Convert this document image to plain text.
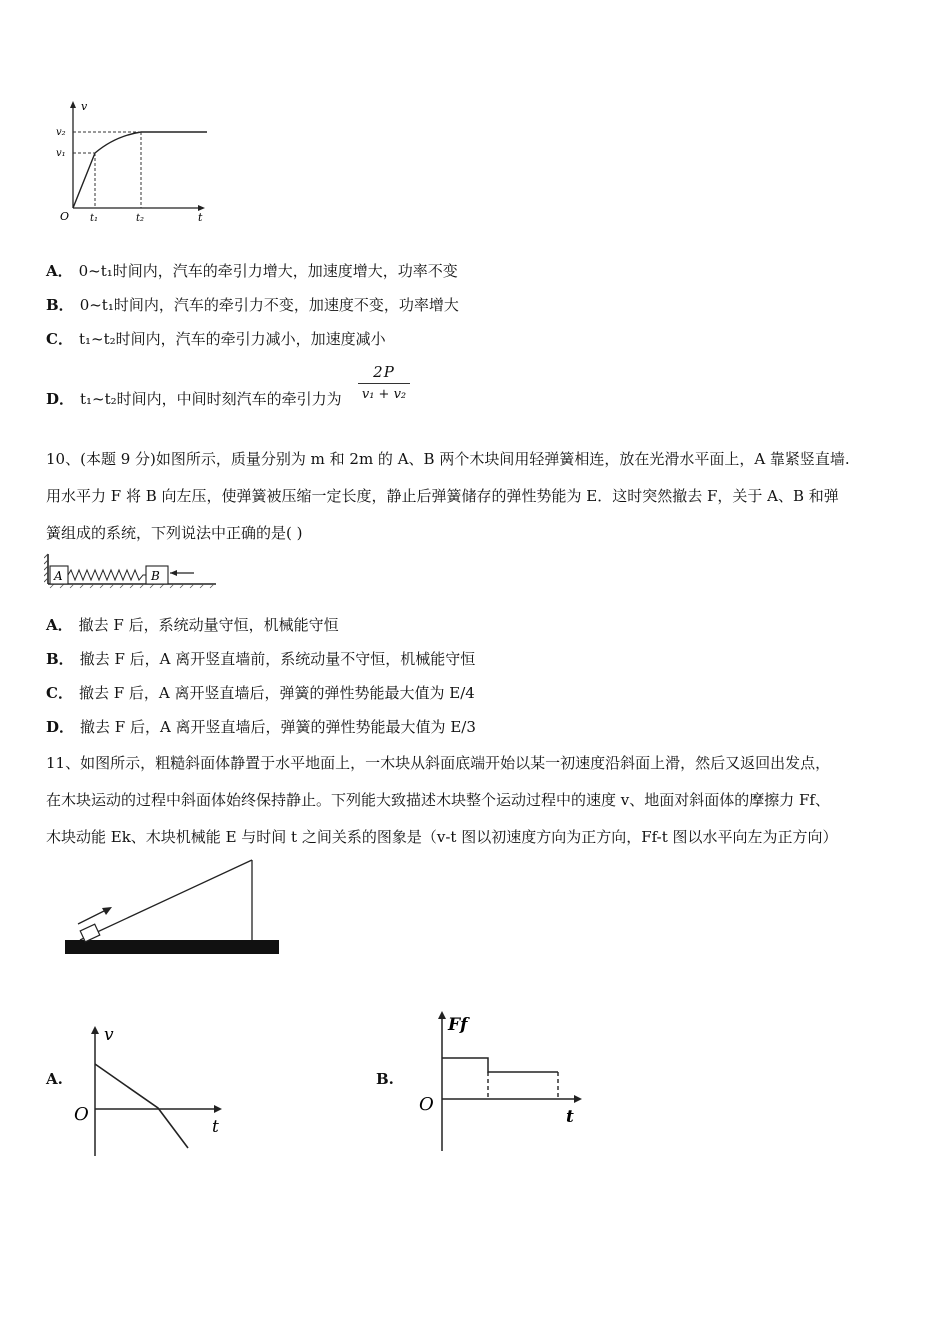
v
v₂
v₁
O t₁	t₂	t
A． 0~t₁时间内，汽车的牵引力增大，加速度增大，功率不变
B． 0~t₁时间内，汽车的牵引力不变，加速度不变，功率增大
C． t₁~t₂时间内，汽车的牵引力减小，加速度减小
D． t₁~t₂时间内，中间时刻汽车的牵引力为
2P
v₁ + v₂
10、(本题 9 分)如图所示，质量分别为 m 和 2m 的 A、B 两个木块间用轻弹簧相连，放在光滑水平面上，A 靠紧竖直墙.
用水平力 F 将 B 向左压，使弹簧被压缩一定长度，静止后弹簧储存的弹性势能为 E．这时突然撤去 F，关于 A、B 和弹
簧组成的系统，下列说法中正确的是( )
A	B
A． 撤去 F 后，系统动量守恒，机械能守恒
B． 撤去 F 后，A 离开竖直墙前，系统动量不守恒，机械能守恒
C． 撤去 F 后，A 离开竖直墙后，弹簧的弹性势能最大值为 E/4
D． 撤去 F 后，A 离开竖直墙后，弹簧的弹性势能最大值为 E/3
11、如图所示，粗糙斜面体静置于水平地面上，一木块从斜面底端开始以某一初速度沿斜面上滑，然后又返回出发点，
在木块运动的过程中斜面体始终保持静止。下列能大致描述木块整个运动过程中的速度 v、地面对斜面体的摩擦力 Ff、
木块动能 Ek、木块机械能 E 与时间 t 之间关系的图象是（v-t 图以初速度方向为正方向，Ff-t 图以水平向左为正方向）
A.
v
O
t
B.
Ff
O
t
